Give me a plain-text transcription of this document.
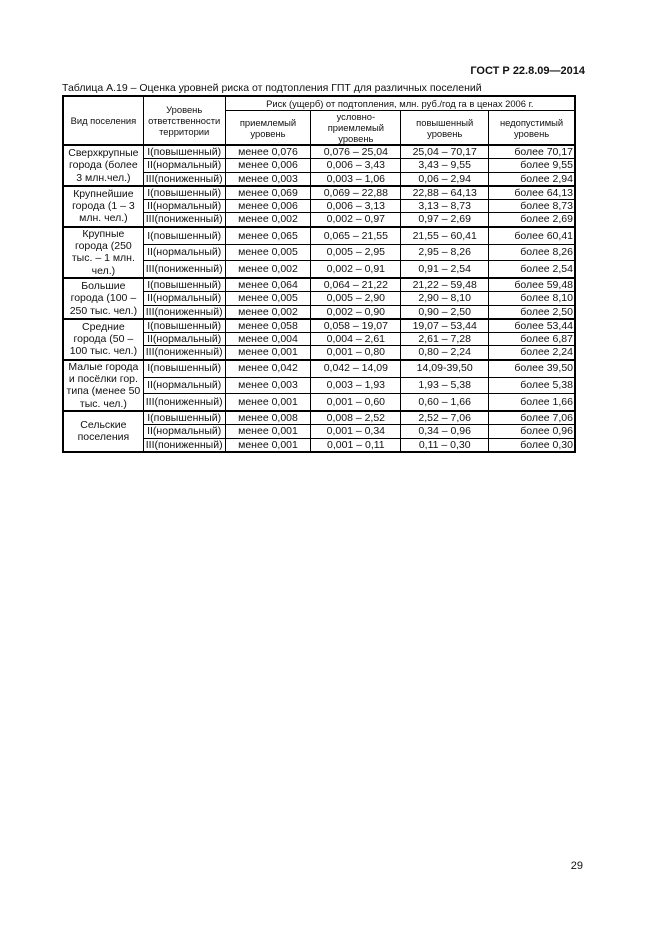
ГОСТ Р 22.8.09—2014
Таблица А.19 – Оценка уровней риска от подтопления ГПТ для различных поселений
Вид поселения	Уровень ответственности территории	Риск (ущерб) от подтопления, млн. руб./год га в ценах 2006 г.			
		приемлемый уровень	условно-приемлемый уровень	повышенный уровень	недопустимый уровень
Сверхкрупные города (более 3 млн.чел.)	I(повышенный)	менее 0,076	0,076 – 25,04	25,04 – 70,17	более 70,17
	II(нормальный)	менее 0,006	0,006 – 3,43	3,43 – 9,55	более 9,55
	III(пониженный)	менее 0,003	0,003 – 1,06	0,06 – 2,94	более 2,94
Крупнейшие города (1 – 3 млн. чел.)	I(повышенный)	менее 0,069	0,069 – 22,88	22,88 – 64,13	более 64,13
	II(нормальный)	менее 0,006	0,006 – 3,13	3,13 – 8,73	более 8,73
	III(пониженный)	менее 0,002	0,002 – 0,97	0,97 – 2,69	более 2,69
Крупные города (250 тыс. – 1 млн. чел.)	I(повышенный)	менее 0,065	0,065 – 21,55	21,55 – 60,41	более 60,41
	II(нормальный)	менее 0,005	0,005 – 2,95	2,95 – 8,26	более 8,26
	III(пониженный)	менее 0,002	0,002 – 0,91	0,91 – 2,54	более 2,54
Большие города (100 – 250 тыс. чел.)	I(повышенный)	менее 0,064	0,064 – 21,22	21,22 – 59,48	более 59,48
	II(нормальный)	менее 0,005	0,005 – 2,90	2,90 – 8,10	более 8,10
	III(пониженный)	менее 0,002	0,002 – 0,90	0,90 – 2,50	более 2,50
Средние города (50 – 100 тыс. чел.)	I(повышенный)	менее 0,058	0,058 – 19,07	19,07 – 53,44	более 53,44
	II(нормальный)	менее 0,004	0,004 – 2,61	2,61 – 7,28	более 6,87
	III(пониженный)	менее 0,001	0,001 – 0,80	0,80 – 2,24	более 2,24
Малые города и посёлки гор. типа (менее 50 тыс. чел.)	I(повышенный)	менее 0,042	0,042 – 14,09	14,09-39,50	более 39,50
	II(нормальный)	менее 0,003	0,003 – 1,93	1,93 – 5,38	более 5,38
	III(пониженный)	менее 0,001	0,001 – 0,60	0,60 – 1,66	более 1,66
Сельские поселения	I(повышенный)	менее 0,008	0,008 – 2,52	2,52 – 7,06	более 7,06
	II(нормальный)	менее 0,001	0,001 – 0,34	0,34 – 0,96	более 0,96
	III(пониженный)	менее 0,001	0,001 – 0,11	0,11 – 0,30	более 0,30
29
